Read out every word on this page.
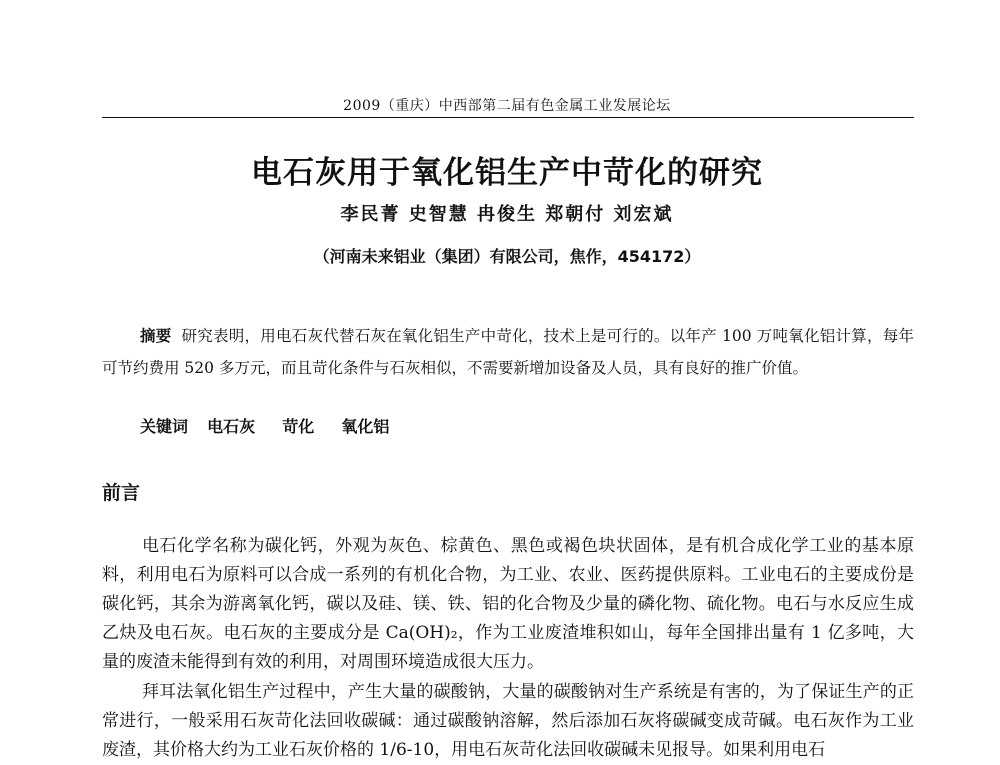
2009（重庆）中西部第二届有色金属工业发展论坛
电石灰用于氧化铝生产中苛化的研究
李民菁 史智慧 冉俊生 郑朝付 刘宏斌
（河南未来铝业（集团）有限公司，焦作，454172）
摘要 研究表明，用电石灰代替石灰在氧化铝生产中苛化，技术上是可行的。以年产 100 万吨氧化铝计算，每年可节约费用 520 多万元，而且苛化条件与石灰相似，不需要新增加设备及人员，具有良好的推广价值。
关键词 电石灰 苛化 氧化铝
前言
电石化学名称为碳化钙，外观为灰色、棕黄色、黑色或褐色块状固体，是有机合成化学工业的基本原料，利用电石为原料可以合成一系列的有机化合物，为工业、农业、医药提供原料。工业电石的主要成份是碳化钙，其余为游离氧化钙，碳以及硅、镁、铁、铝的化合物及少量的磷化物、硫化物。电石与水反应生成乙炔及电石灰。电石灰的主要成分是 Ca(OH)₂，作为工业废渣堆积如山，每年全国排出量有 1 亿多吨，大量的废渣未能得到有效的利用，对周围环境造成很大压力。
拜耳法氧化铝生产过程中，产生大量的碳酸钠，大量的碳酸钠对生产系统是有害的，为了保证生产的正常进行，一般采用石灰苛化法回收碳碱：通过碳酸钠溶解，然后添加石灰将碳碱变成苛碱。电石灰作为工业废渣，其价格大约为工业石灰价格的 1/6-10，用电石灰苛化法回收碳碱未见报导。如果利用电石
